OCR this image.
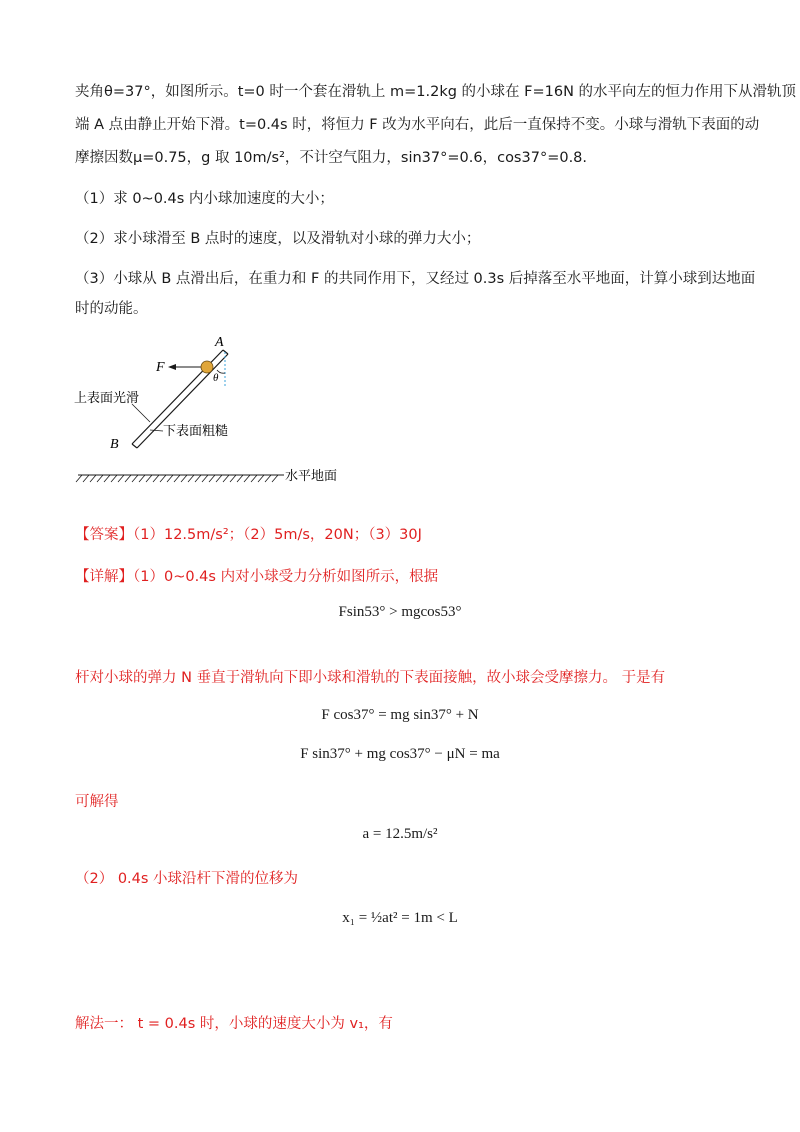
夹角θ=37°，如图所示。t=0 时一个套在滑轨上 m=1.2kg 的小球在 F=16N 的水平向左的恒力作用下从滑轨顶
端 A 点由静止开始下滑。t=0.4s 时，将恒力 F 改为水平向右，此后一直保持不变。小球与滑轨下表面的动
摩擦因数μ=0.75，g 取 10m/s²，不计空气阻力，sin37°=0.6，cos37°=0.8.
（1）求 0~0.4s 内小球加速度的大小；
（2）求小球滑至 B 点时的速度，以及滑轨对小球的弹力大小；
（3）小球从 B 点滑出后，在重力和 F 的共同作用下，又经过 0.3s 后掉落至水平地面，计算小球到达地面
时的动能。
A
F
θ
B
上表面光滑
下表面粗糙
水平地面
【答案】（1）12.5m/s²；（2）5m/s，20N；（3）30J
【详解】（1）0~0.4s 内对小球受力分析如图所示，根据
Fsin53° > mgcos53°
杆对小球的弹力 N 垂直于滑轨向下即小球和滑轨的下表面接触，故小球会受摩擦力。 于是有
F cos37° = mg sin37° + N
F sin37° + mg cos37° − μN = ma
可解得
a = 12.5m/s²
（2） 0.4s 小球沿杆下滑的位移为
x₁ = ½at² = 1m < L
解法一： t = 0.4s 时，小球的速度大小为 v₁，有
